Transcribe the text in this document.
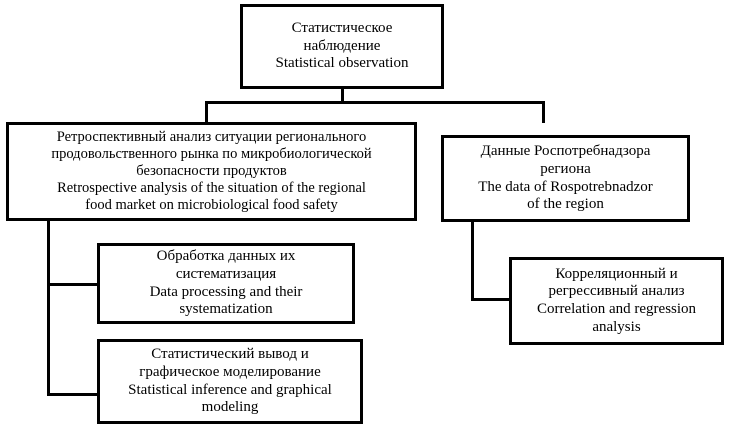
Статистическое
наблюдение
Statistical observation
Ретроспективный анализ ситуации регионального
продовольственного рынка по микробиологической
безопасности продуктов
Retrospective analysis of the situation of the regional
food market on microbiological food safety
Данные Роспотребнадзора
региона
The data of Rospotrebnadzor
of the region
Обработка данных их
систематизация
Data processing and their
systematization
Статистический вывод и
графическое моделирование
Statistical inference and graphical
modeling
Корреляционный и
регрессивный анализ
Correlation and regression
analysis
